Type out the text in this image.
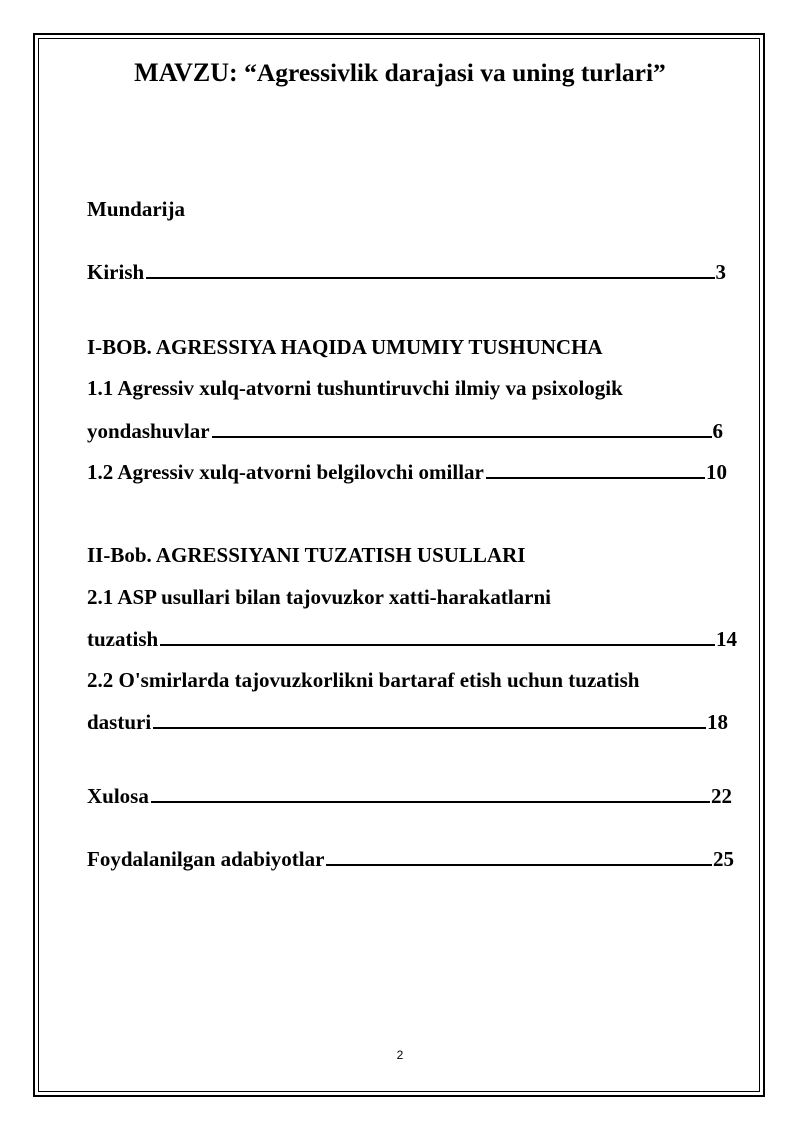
MAVZU: “Agressivlik darajasi va uning turlari”
Mundarija
Kirish	3
I-BOB. AGRESSIYA HAQIDA UMUMIY TUSHUNCHA
1.1 Agressiv xulq-atvorni tushuntiruvchi ilmiy va psixologik
yondashuvlar	6
1.2 Agressiv xulq-atvorni belgilovchi omillar	10
II-Bob. AGRESSIYANI TUZATISH USULLARI
2.1 ASP usullari bilan tajovuzkor xatti-harakatlarni
tuzatish	14
2.2 O'smirlarda tajovuzkorlikni bartaraf etish uchun tuzatish
dasturi	18
Xulosa	22
Foydalanilgan adabiyotlar	25
2
